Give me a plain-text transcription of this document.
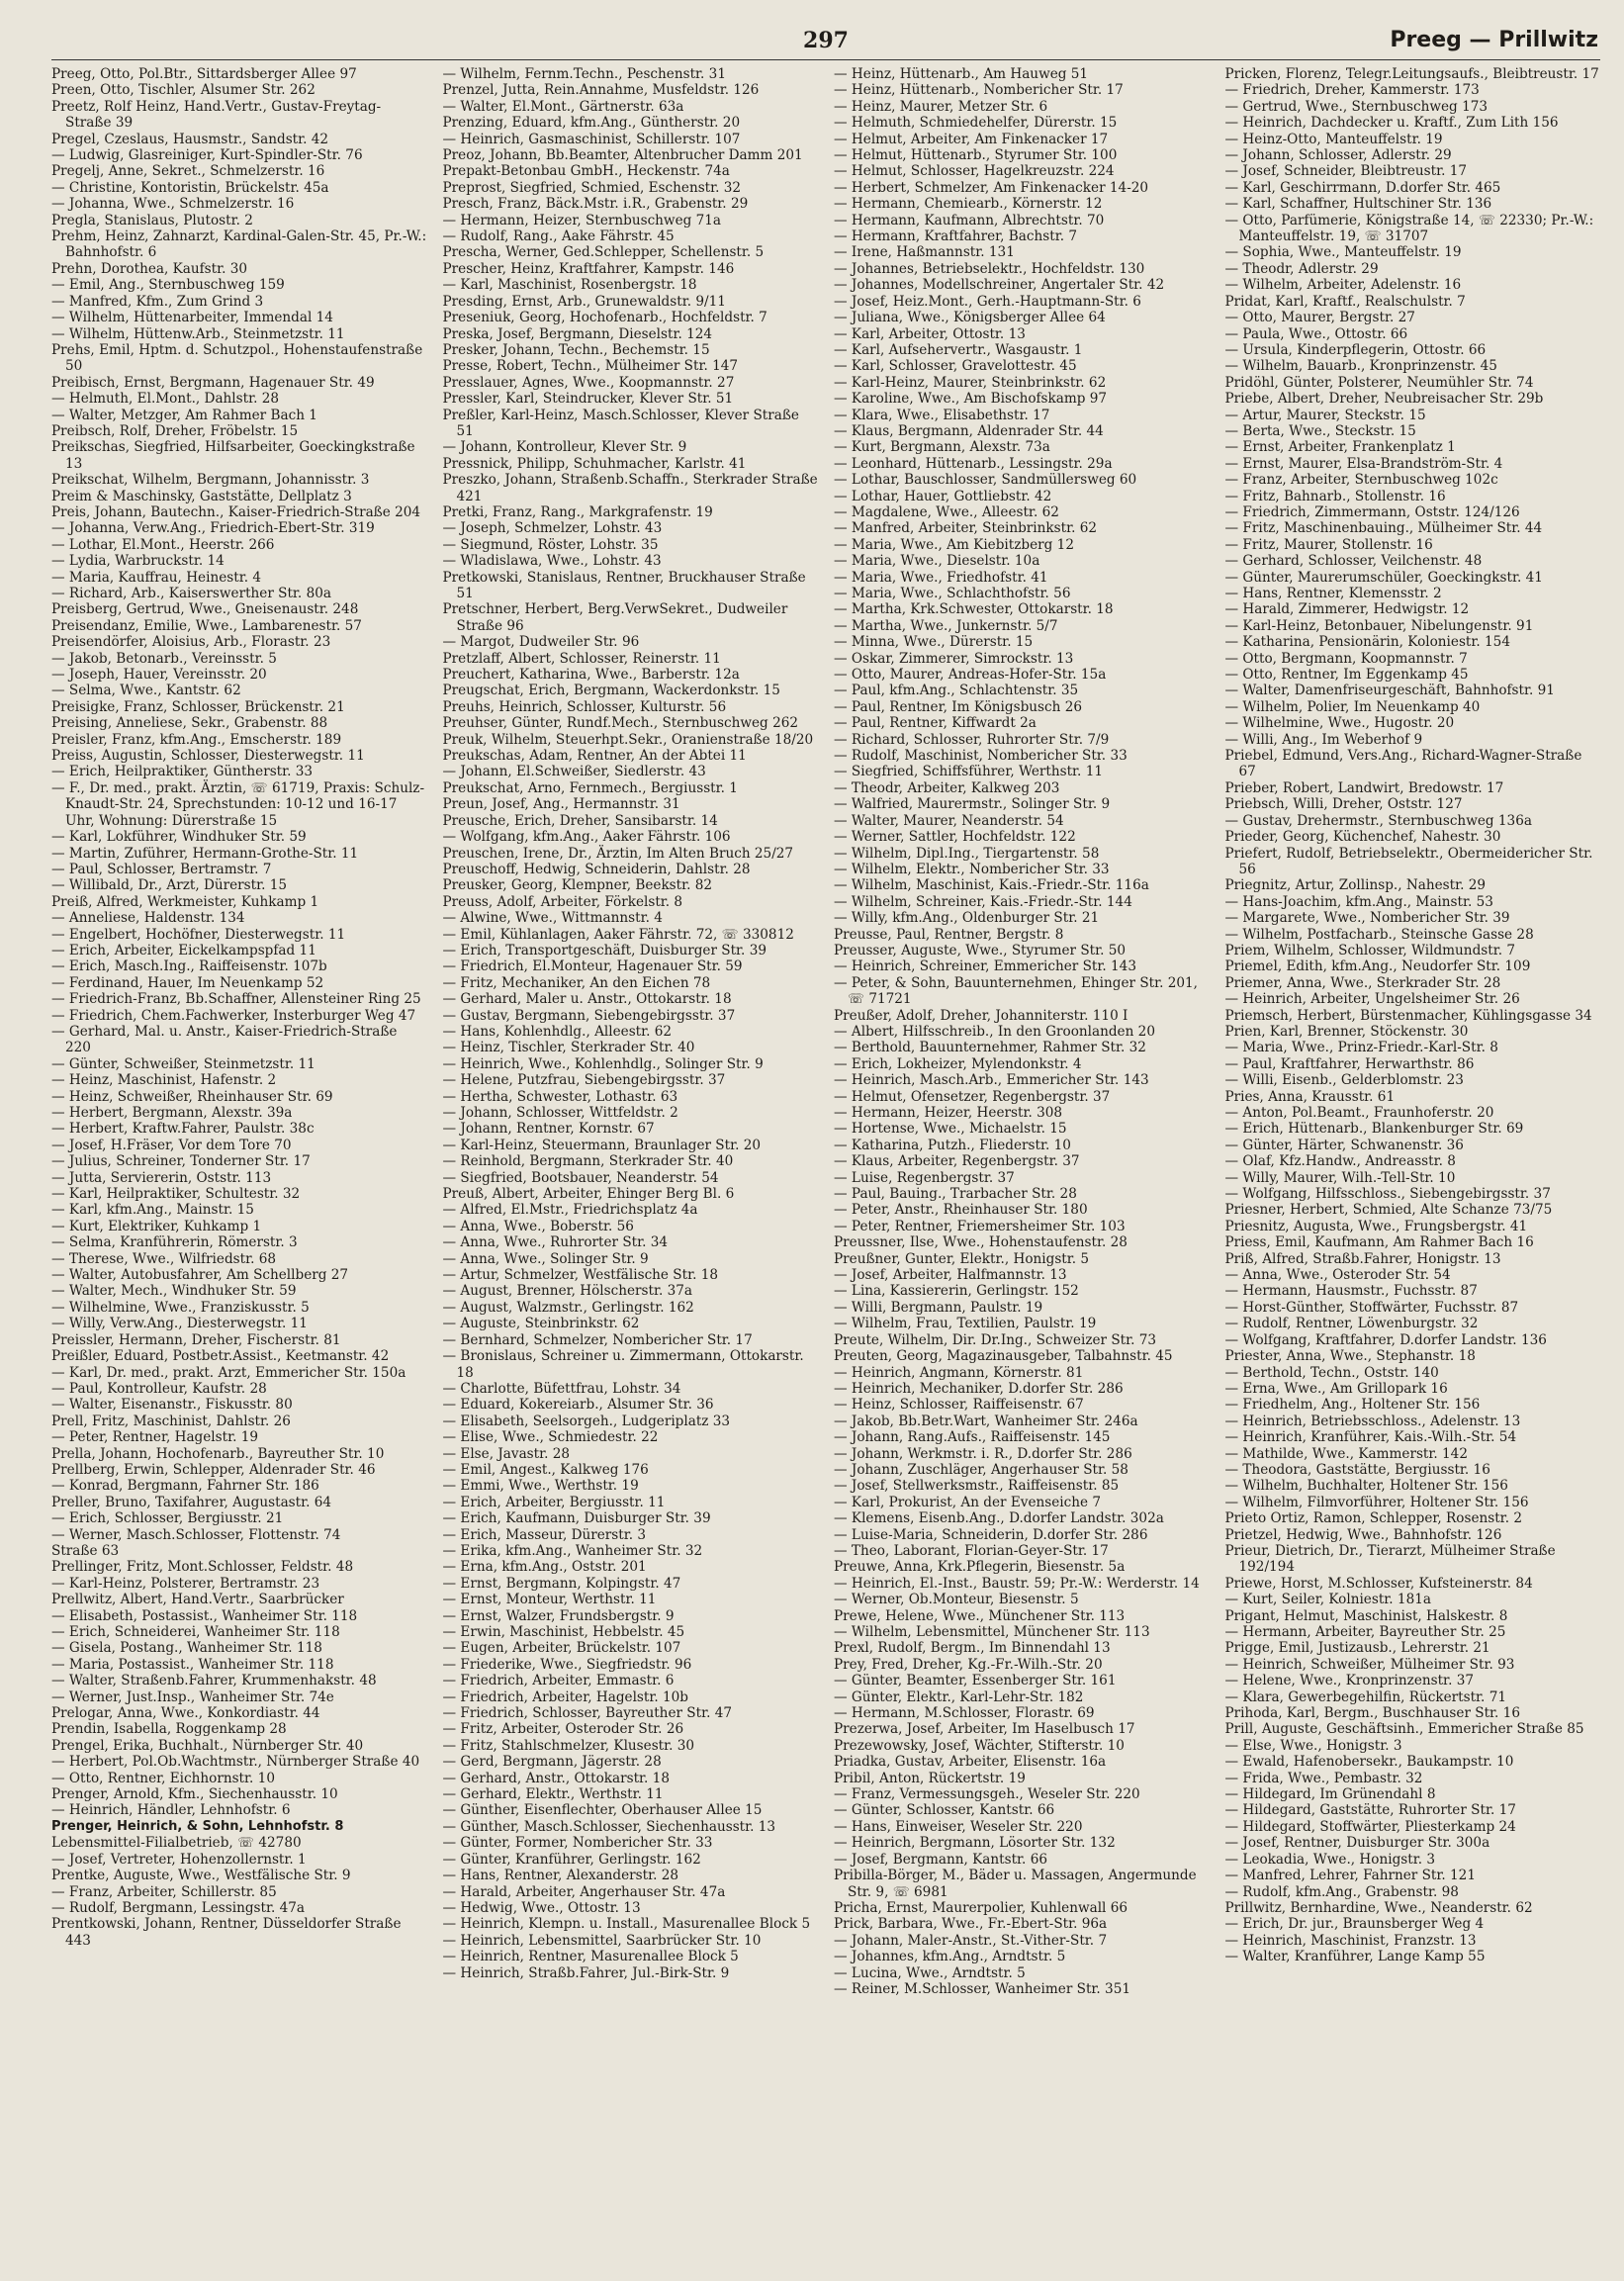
297	Preeg — Prillwitz
Preeg, Otto, Pol.Btr., Sittardsberger Allee 97
Preen, Otto, Tischler, Alsumer Str. 262
Preetz, Rolf Heinz, Hand.Vertr., Gustav-Freytag-Straße 39
Pregel, Czeslaus, Hausmstr., Sandstr. 42
— Ludwig, Glasreiniger, Kurt-Spindler-Str. 76
Pregelj, Anne, Sekret., Schmelzerstr. 16
— Christine, Kontoristin, Brückelstr. 45a
— Johanna, Wwe., Schmelzerstr. 16
Pregla, Stanislaus, Plutostr. 2
Prehm, Heinz, Zahnarzt, Kardinal-Galen-Str. 45, Pr.-W.: Bahnhofstr. 6
Prehn, Dorothea, Kaufstr. 30
— Emil, Ang., Sternbuschweg 159
— Manfred, Kfm., Zum Grind 3
— Wilhelm, Hüttenarbeiter, Immendal 14
— Wilhelm, Hüttenw.Arb., Steinmetzstr. 11
Prehs, Emil, Hptm. d. Schutzpol., Hohenstaufenstraße 50
Preibisch, Ernst, Bergmann, Hagenauer Str. 49
— Helmuth, El.Mont., Dahlstr. 28
— Walter, Metzger, Am Rahmer Bach 1
Preibsch, Rolf, Dreher, Fröbelstr. 15
Preikschas, Siegfried, Hilfsarbeiter, Goeckingkstraße 13
Preikschat, Wilhelm, Bergmann, Johannisstr. 3
Preim & Maschinsky, Gaststätte, Dellplatz 3
Preis, Johann, Bautechn., Kaiser-Friedrich-Straße 204
— Johanna, Verw.Ang., Friedrich-Ebert-Str. 319
— Lothar, El.Mont., Heerstr. 266
— Lydia, Warbruckstr. 14
— Maria, Kauffrau, Heinestr. 4
— Richard, Arb., Kaiserswerther Str. 80a
Preisberg, Gertrud, Wwe., Gneisenaustr. 248
Preisendanz, Emilie, Wwe., Lambarenestr. 57
Preisendörfer, Aloisius, Arb., Florastr. 23
— Jakob, Betonarb., Vereinsstr. 5
— Joseph, Hauer, Vereinsstr. 20
— Selma, Wwe., Kantstr. 62
Preisigke, Franz, Schlosser, Brückenstr. 21
Preising, Anneliese, Sekr., Grabenstr. 88
Preisler, Franz, kfm.Ang., Emscherstr. 189
Preiss, Augustin, Schlosser, Diesterwegstr. 11
— Erich, Heilpraktiker, Güntherstr. 33
— F., Dr. med., prakt. Ärztin, ☏ 61719, Praxis: Schulz-Knaudt-Str. 24, Sprechstunden: 10-12 und 16-17 Uhr, Wohnung: Dürerstraße 15
— Karl, Lokführer, Windhuker Str. 59
— Martin, Zuführer, Hermann-Grothe-Str. 11
— Paul, Schlosser, Bertramstr. 7
— Willibald, Dr., Arzt, Dürerstr. 15
Preiß, Alfred, Werkmeister, Kuhkamp 1
— Anneliese, Haldenstr. 134
— Engelbert, Hochöfner, Diesterwegstr. 11
— Erich, Arbeiter, Eickelkampspfad 11
— Erich, Masch.Ing., Raiffeisenstr. 107b
— Ferdinand, Hauer, Im Neuenkamp 52
— Friedrich-Franz, Bb.Schaffner, Allensteiner Ring 25
— Friedrich, Chem.Fachwerker, Insterburger Weg 47
— Gerhard, Mal. u. Anstr., Kaiser-Friedrich-Straße 220
— Günter, Schweißer, Steinmetzstr. 11
— Heinz, Maschinist, Hafenstr. 2
— Heinz, Schweißer, Rheinhauser Str. 69
— Herbert, Bergmann, Alexstr. 39a
— Herbert, Kraftw.Fahrer, Paulstr. 38c
— Josef, H.Fräser, Vor dem Tore 70
— Julius, Schreiner, Tonderner Str. 17
— Jutta, Serviererin, Oststr. 113
— Karl, Heilpraktiker, Schultestr. 32
— Karl, kfm.Ang., Mainstr. 15
— Kurt, Elektriker, Kuhkamp 1
— Selma, Kranführerin, Römerstr. 3
— Therese, Wwe., Wilfriedstr. 68
— Walter, Autobusfahrer, Am Schellberg 27
— Walter, Mech., Windhuker Str. 59
— Wilhelmine, Wwe., Franziskusstr. 5
— Willy, Verw.Ang., Diesterwegstr. 11
Preissler, Hermann, Dreher, Fischerstr. 81
Preißler, Eduard, Postbetr.Assist., Keetmanstr. 42
— Karl, Dr. med., prakt. Arzt, Emmericher Str. 150a
— Paul, Kontrolleur, Kaufstr. 28
— Walter, Eisenanstr., Fiskusstr. 80
Prell, Fritz, Maschinist, Dahlstr. 26
— Peter, Rentner, Hagelstr. 19
Prella, Johann, Hochofenarb., Bayreuther Str. 10
Prellberg, Erwin, Schlepper, Aldenrader Str. 46
— Konrad, Bergmann, Fahrner Str. 186
Preller, Bruno, Taxifahrer, Augustastr. 64
— Erich, Schlosser, Bergiusstr. 21
— Werner, Masch.Schlosser, Flottenstr. 74
Straße 63
Prellinger, Fritz, Mont.Schlosser, Feldstr. 48
— Karl-Heinz, Polsterer, Bertramstr. 23
Prellwitz, Albert, Hand.Vertr., Saarbrücker
— Elisabeth, Postassist., Wanheimer Str. 118
— Erich, Schneiderei, Wanheimer Str. 118
— Gisela, Postang., Wanheimer Str. 118
— Maria, Postassist., Wanheimer Str. 118
— Walter, Straßenb.Fahrer, Krummenhakstr. 48
— Werner, Just.Insp., Wanheimer Str. 74e
Prelogar, Anna, Wwe., Konkordiastr. 44
Prendin, Isabella, Roggenkamp 28
Prengel, Erika, Buchhalt., Nürnberger Str. 40
— Herbert, Pol.Ob.Wachtmstr., Nürnberger Straße 40
— Otto, Rentner, Eichhornstr. 10
Prenger, Arnold, Kfm., Siechenhausstr. 10
— Heinrich, Händler, Lehnhofstr. 6
Prenger, Heinrich, & Sohn, Lehnhofstr. 8
Lebensmittel-Filialbetrieb, ☏ 42780
— Josef, Vertreter, Hohenzollernstr. 1
Prentke, Auguste, Wwe., Westfälische Str. 9
— Franz, Arbeiter, Schillerstr. 85
— Rudolf, Bergmann, Lessingstr. 47a
Prentkowski, Johann, Rentner, Düsseldorfer Straße 443
— Wilhelm, Fernm.Techn., Peschenstr. 31
Prenzel, Jutta, Rein.Annahme, Musfeldstr. 126
— Walter, El.Mont., Gärtnerstr. 63a
Prenzing, Eduard, kfm.Ang., Güntherstr. 20
— Heinrich, Gasmaschinist, Schillerstr. 107
Preoz, Johann, Bb.Beamter, Altenbrucher Damm 201
Prepakt-Betonbau GmbH., Heckenstr. 74a
Preprost, Siegfried, Schmied, Eschenstr. 32
Presch, Franz, Bäck.Mstr. i.R., Grabenstr. 29
— Hermann, Heizer, Sternbuschweg 71a
— Rudolf, Rang., Aake Fährstr. 45
Prescha, Werner, Ged.Schlepper, Schellenstr. 5
Prescher, Heinz, Kraftfahrer, Kampstr. 146
— Karl, Maschinist, Rosenbergstr. 18
Presding, Ernst, Arb., Grunewaldstr. 9/11
Preseniuk, Georg, Hochofenarb., Hochfeldstr. 7
Preska, Josef, Bergmann, Dieselstr. 124
Presker, Johann, Techn., Bechemstr. 15
Presse, Robert, Techn., Mülheimer Str. 147
Presslauer, Agnes, Wwe., Koopmannstr. 27
Pressler, Karl, Steindrucker, Klever Str. 51
Preßler, Karl-Heinz, Masch.Schlosser, Klever Straße 51
— Johann, Kontrolleur, Klever Str. 9
Pressnick, Philipp, Schuhmacher, Karlstr. 41
Preszko, Johann, Straßenb.Schaffn., Sterkrader Straße 421
Pretki, Franz, Rang., Markgrafenstr. 19
— Joseph, Schmelzer, Lohstr. 43
— Siegmund, Röster, Lohstr. 35
— Wladislawa, Wwe., Lohstr. 43
Pretkowski, Stanislaus, Rentner, Bruckhauser Straße 51
Pretschner, Herbert, Berg.VerwSekret., Dudweiler Straße 96
— Margot, Dudweiler Str. 96
Pretzlaff, Albert, Schlosser, Reinerstr. 11
Preuchert, Katharina, Wwe., Barberstr. 12a
Preugschat, Erich, Bergmann, Wackerdonkstr. 15
Preuhs, Heinrich, Schlosser, Kulturstr. 56
Preuhser, Günter, Rundf.Mech., Sternbuschweg 262
Preuk, Wilhelm, Steuerhpt.Sekr., Oranienstraße 18/20
Preukschas, Adam, Rentner, An der Abtei 11
— Johann, El.Schweißer, Siedlerstr. 43
Preukschat, Arno, Fernmech., Bergiusstr. 1
Preun, Josef, Ang., Hermannstr. 31
Preusche, Erich, Dreher, Sansibarstr. 14
— Wolfgang, kfm.Ang., Aaker Fährstr. 106
Preuschen, Irene, Dr., Ärztin, Im Alten Bruch 25/27
Preuschoff, Hedwig, Schneiderin, Dahlstr. 28
Preusker, Georg, Klempner, Beekstr. 82
Preuss, Adolf, Arbeiter, Förkelstr. 8
— Alwine, Wwe., Wittmannstr. 4
— Emil, Kühlanlagen, Aaker Fährstr. 72, ☏ 330812
— Erich, Transportgeschäft, Duisburger Str. 39
— Friedrich, El.Monteur, Hagenauer Str. 59
— Fritz, Mechaniker, An den Eichen 78
— Gerhard, Maler u. Anstr., Ottokarstr. 18
— Gustav, Bergmann, Siebengebirgsstr. 37
— Hans, Kohlenhdlg., Alleestr. 62
— Heinz, Tischler, Sterkrader Str. 40
— Heinrich, Wwe., Kohlenhdlg., Solinger Str. 9
— Helene, Putzfrau, Siebengebirgsstr. 37
— Hertha, Schwester, Lothastr. 63
— Johann, Schlosser, Wittfeldstr. 2
— Johann, Rentner, Kornstr. 67
— Karl-Heinz, Steuermann, Braunlager Str. 20
— Reinhold, Bergmann, Sterkrader Str. 40
— Siegfried, Bootsbauer, Neanderstr. 54
Preuß, Albert, Arbeiter, Ehinger Berg Bl. 6
— Alfred, El.Mstr., Friedrichsplatz 4a
— Anna, Wwe., Boberstr. 56
— Anna, Wwe., Ruhrorter Str. 34
— Anna, Wwe., Solinger Str. 9
— Artur, Schmelzer, Westfälische Str. 18
— August, Brenner, Hölscherstr. 37a
— August, Walzmstr., Gerlingstr. 162
— Auguste, Steinbrinkstr. 62
— Bernhard, Schmelzer, Nombericher Str. 17
— Bronislaus, Schreiner u. Zimmermann, Ottokarstr. 18
— Charlotte, Büfettfrau, Lohstr. 34
— Eduard, Kokereiarb., Alsumer Str. 36
— Elisabeth, Seelsorgeh., Ludgeriplatz 33
— Elise, Wwe., Schmiedestr. 22
— Else, Javastr. 28
— Emil, Angest., Kalkweg 176
— Emmi, Wwe., Werthstr. 19
— Erich, Arbeiter, Bergiusstr. 11
— Erich, Kaufmann, Duisburger Str. 39
— Erich, Masseur, Dürerstr. 3
— Erika, kfm.Ang., Wanheimer Str. 32
— Erna, kfm.Ang., Oststr. 201
— Ernst, Bergmann, Kolpingstr. 47
— Ernst, Monteur, Werthstr. 11
— Ernst, Walzer, Frundsbergstr. 9
— Erwin, Maschinist, Hebbelstr. 45
— Eugen, Arbeiter, Brückelstr. 107
— Friederike, Wwe., Siegfriedstr. 96
— Friedrich, Arbeiter, Emmastr. 6
— Friedrich, Arbeiter, Hagelstr. 10b
— Friedrich, Schlosser, Bayreuther Str. 47
— Fritz, Arbeiter, Osteroder Str. 26
— Fritz, Stahlschmelzer, Klusestr. 30
— Gerd, Bergmann, Jägerstr. 28
— Gerhard, Anstr., Ottokarstr. 18
— Gerhard, Elektr., Werthstr. 11
— Günther, Eisenflechter, Oberhauser Allee 15
— Günther, Masch.Schlosser, Siechenhausstr. 13
— Günter, Former, Nombericher Str. 33
— Günter, Kranführer, Gerlingstr. 162
— Hans, Rentner, Alexanderstr. 28
— Harald, Arbeiter, Angerhauser Str. 47a
— Hedwig, Wwe., Ottostr. 13
— Heinrich, Klempn. u. Install., Masurenallee Block 5
— Heinrich, Lebensmittel, Saarbrücker Str. 10
— Heinrich, Rentner, Masurenallee Block 5
— Heinrich, Straßb.Fahrer, Jul.-Birk-Str. 9
— Heinz, Hüttenarb., Am Hauweg 51
— Heinz, Hüttenarb., Nombericher Str. 17
— Heinz, Maurer, Metzer Str. 6
— Helmuth, Schmiedehelfer, Dürerstr. 15
— Helmut, Arbeiter, Am Finkenacker 17
— Helmut, Hüttenarb., Styrumer Str. 100
— Helmut, Schlosser, Hagelkreuzstr. 224
— Herbert, Schmelzer, Am Finkenacker 14-20
— Hermann, Chemiearb., Körnerstr. 12
— Hermann, Kaufmann, Albrechtstr. 70
— Hermann, Kraftfahrer, Bachstr. 7
— Irene, Haßmannstr. 131
— Johannes, Betriebselektr., Hochfeldstr. 130
— Johannes, Modellschreiner, Angertaler Str. 42
— Josef, Heiz.Mont., Gerh.-Hauptmann-Str. 6
— Juliana, Wwe., Königsberger Allee 64
— Karl, Arbeiter, Ottostr. 13
— Karl, Aufsehervertr., Wasgaustr. 1
— Karl, Schlosser, Gravelottestr. 45
— Karl-Heinz, Maurer, Steinbrinkstr. 62
— Karoline, Wwe., Am Bischofskamp 97
— Klara, Wwe., Elisabethstr. 17
— Klaus, Bergmann, Aldenrader Str. 44
— Kurt, Bergmann, Alexstr. 73a
— Leonhard, Hüttenarb., Lessingstr. 29a
— Lothar, Bauschlosser, Sandmüllersweg 60
— Lothar, Hauer, Gottliebstr. 42
— Magdalene, Wwe., Alleestr. 62
— Manfred, Arbeiter, Steinbrinkstr. 62
— Maria, Wwe., Am Kiebitzberg 12
— Maria, Wwe., Dieselstr. 10a
— Maria, Wwe., Friedhofstr. 41
— Maria, Wwe., Schlachthofstr. 56
— Martha, Krk.Schwester, Ottokarstr. 18
— Martha, Wwe., Junkernstr. 5/7
— Minna, Wwe., Dürerstr. 15
— Oskar, Zimmerer, Simrockstr. 13
— Otto, Maurer, Andreas-Hofer-Str. 15a
— Paul, kfm.Ang., Schlachtenstr. 35
— Paul, Rentner, Im Königsbusch 26
— Paul, Rentner, Kiffwardt 2a
— Richard, Schlosser, Ruhrorter Str. 7/9
— Rudolf, Maschinist, Nombericher Str. 33
— Siegfried, Schiffsführer, Werthstr. 11
— Theodr, Arbeiter, Kalkweg 203
— Walfried, Maurermstr., Solinger Str. 9
— Walter, Maurer, Neanderstr. 54
— Werner, Sattler, Hochfeldstr. 122
— Wilhelm, Dipl.Ing., Tiergartenstr. 58
— Wilhelm, Elektr., Nombericher Str. 33
— Wilhelm, Maschinist, Kais.-Friedr.-Str. 116a
— Wilhelm, Schreiner, Kais.-Friedr.-Str. 144
— Willy, kfm.Ang., Oldenburger Str. 21
Preusse, Paul, Rentner, Bergstr. 8
Preusser, Auguste, Wwe., Styrumer Str. 50
— Heinrich, Schreiner, Emmericher Str. 143
— Peter, & Sohn, Bauunternehmen, Ehinger Str. 201, ☏ 71721
Preußer, Adolf, Dreher, Johanniterstr. 110 I
— Albert, Hilfsschreib., In den Groonlanden 20
— Berthold, Bauunternehmer, Rahmer Str. 32
— Erich, Lokheizer, Mylendonkstr. 4
— Heinrich, Masch.Arb., Emmericher Str. 143
— Helmut, Ofensetzer, Regenbergstr. 37
— Hermann, Heizer, Heerstr. 308
— Hortense, Wwe., Michaelstr. 15
— Katharina, Putzh., Fliederstr. 10
— Klaus, Arbeiter, Regenbergstr. 37
— Luise, Regenbergstr. 37
— Paul, Bauing., Trarbacher Str. 28
— Peter, Anstr., Rheinhauser Str. 180
— Peter, Rentner, Friemersheimer Str. 103
Preussner, Ilse, Wwe., Hohenstaufenstr. 28
Preußner, Gunter, Elektr., Honigstr. 5
— Josef, Arbeiter, Halfmannstr. 13
— Lina, Kassiererin, Gerlingstr. 152
— Willi, Bergmann, Paulstr. 19
— Wilhelm, Frau, Textilien, Paulstr. 19
Preute, Wilhelm, Dir. Dr.Ing., Schweizer Str. 73
Preuten, Georg, Magazinausgeber, Talbahnstr. 45
— Heinrich, Angmann, Körnerstr. 81
— Heinrich, Mechaniker, D.dorfer Str. 286
— Heinz, Schlosser, Raiffeisenstr. 67
— Jakob, Bb.Betr.Wart, Wanheimer Str. 246a
— Johann, Rang.Aufs., Raiffeisenstr. 145
— Johann, Werkmstr. i. R., D.dorfer Str. 286
— Johann, Zuschläger, Angerhauser Str. 58
— Josef, Stellwerksmstr., Raiffeisenstr. 85
— Karl, Prokurist, An der Evenseiche 7
— Klemens, Eisenb.Ang., D.dorfer Landstr. 302a
— Luise-Maria, Schneiderin, D.dorfer Str. 286
— Theo, Laborant, Florian-Geyer-Str. 17
Preuwe, Anna, Krk.Pflegerin, Biesenstr. 5a
— Heinrich, El.-Inst., Baustr. 59; Pr.-W.: Werderstr. 14
— Werner, Ob.Monteur, Biesenstr. 5
Prewe, Helene, Wwe., Münchener Str. 113
— Wilhelm, Lebensmittel, Münchener Str. 113
Prexl, Rudolf, Bergm., Im Binnendahl 13
Prey, Fred, Dreher, Kg.-Fr.-Wilh.-Str. 20
— Günter, Beamter, Essenberger Str. 161
— Günter, Elektr., Karl-Lehr-Str. 182
— Hermann, M.Schlosser, Florastr. 69
Prezerwa, Josef, Arbeiter, Im Haselbusch 17
Prezewowsky, Josef, Wächter, Stifterstr. 10
Priadka, Gustav, Arbeiter, Elisenstr. 16a
Pribil, Anton, Rückertstr. 19
— Franz, Vermessungsgeh., Weseler Str. 220
— Günter, Schlosser, Kantstr. 66
— Hans, Einweiser, Weseler Str. 220
— Heinrich, Bergmann, Lösorter Str. 132
— Josef, Bergmann, Kantstr. 66
Pribilla-Börger, M., Bäder u. Massagen, Angermunde Str. 9, ☏ 6981
Pricha, Ernst, Maurerpolier, Kuhlenwall 66
Prick, Barbara, Wwe., Fr.-Ebert-Str. 96a
— Johann, Maler-Anstr., St.-Vither-Str. 7
— Johannes, kfm.Ang., Arndtstr. 5
— Lucina, Wwe., Arndtstr. 5
— Reiner, M.Schlosser, Wanheimer Str. 351
Pricken, Florenz, Telegr.Leitungsaufs., Bleibtreustr. 17
— Friedrich, Dreher, Kammerstr. 173
— Gertrud, Wwe., Sternbuschweg 173
— Heinrich, Dachdecker u. Kraftf., Zum Lith 156
— Heinz-Otto, Manteuffelstr. 19
— Johann, Schlosser, Adlerstr. 29
— Josef, Schneider, Bleibtreustr. 17
— Karl, Geschirrmann, D.dorfer Str. 465
— Karl, Schaffner, Hultschiner Str. 136
— Otto, Parfümerie, Königstraße 14, ☏ 22330; Pr.-W.: Manteuffelstr. 19, ☏ 31707
— Sophia, Wwe., Manteuffelstr. 19
— Theodr, Adlerstr. 29
— Wilhelm, Arbeiter, Adelenstr. 16
Pridat, Karl, Kraftf., Realschulstr. 7
— Otto, Maurer, Bergstr. 27
— Paula, Wwe., Ottostr. 66
— Ursula, Kinderpflegerin, Ottostr. 66
— Wilhelm, Bauarb., Kronprinzenstr. 45
Pridöhl, Günter, Polsterer, Neumühler Str. 74
Priebe, Albert, Dreher, Neubreisacher Str. 29b
— Artur, Maurer, Steckstr. 15
— Berta, Wwe., Steckstr. 15
— Ernst, Arbeiter, Frankenplatz 1
— Ernst, Maurer, Elsa-Brandström-Str. 4
— Franz, Arbeiter, Sternbuschweg 102c
— Fritz, Bahnarb., Stollenstr. 16
— Friedrich, Zimmermann, Oststr. 124/126
— Fritz, Maschinenbauing., Mülheimer Str. 44
— Fritz, Maurer, Stollenstr. 16
— Gerhard, Schlosser, Veilchenstr. 48
— Günter, Maurerumschüler, Goeckingkstr. 41
— Hans, Rentner, Klemensstr. 2
— Harald, Zimmerer, Hedwigstr. 12
— Karl-Heinz, Betonbauer, Nibelungenstr. 91
— Katharina, Pensionärin, Koloniestr. 154
— Otto, Bergmann, Koopmannstr. 7
— Otto, Rentner, Im Eggenkamp 45
— Walter, Damenfriseurgeschäft, Bahnhofstr. 91
— Wilhelm, Polier, Im Neuenkamp 40
— Wilhelmine, Wwe., Hugostr. 20
— Willi, Ang., Im Weberhof 9
Priebel, Edmund, Vers.Ang., Richard-Wagner-Straße 67
Prieber, Robert, Landwirt, Bredowstr. 17
Priebsch, Willi, Dreher, Oststr. 127
— Gustav, Drehermstr., Sternbuschweg 136a
Prieder, Georg, Küchenchef, Nahestr. 30
Priefert, Rudolf, Betriebselektr., Obermeidericher Str. 56
Priegnitz, Artur, Zollinsp., Nahestr. 29
— Hans-Joachim, kfm.Ang., Mainstr. 53
— Margarete, Wwe., Nombericher Str. 39
— Wilhelm, Postfacharb., Steinsche Gasse 28
Priem, Wilhelm, Schlosser, Wildmundstr. 7
Priemel, Edith, kfm.Ang., Neudorfer Str. 109
Priemer, Anna, Wwe., Sterkrader Str. 28
— Heinrich, Arbeiter, Ungelsheimer Str. 26
Priemsch, Herbert, Bürstenmacher, Kühlingsgasse 34
Prien, Karl, Brenner, Stöckenstr. 30
— Maria, Wwe., Prinz-Friedr.-Karl-Str. 8
— Paul, Kraftfahrer, Herwarthstr. 86
— Willi, Eisenb., Gelderblomstr. 23
Pries, Anna, Krausstr. 61
— Anton, Pol.Beamt., Fraunhoferstr. 20
— Erich, Hüttenarb., Blankenburger Str. 69
— Günter, Härter, Schwanenstr. 36
— Olaf, Kfz.Handw., Andreasstr. 8
— Willy, Maurer, Wilh.-Tell-Str. 10
— Wolfgang, Hilfsschloss., Siebengebirgsstr. 37
Priesner, Herbert, Schmied, Alte Schanze 73/75
Priesnitz, Augusta, Wwe., Frungsbergstr. 41
Priess, Emil, Kaufmann, Am Rahmer Bach 16
Priß, Alfred, Straßb.Fahrer, Honigstr. 13
— Anna, Wwe., Osteroder Str. 54
— Hermann, Hausmstr., Fuchsstr. 87
— Horst-Günther, Stoffwärter, Fuchsstr. 87
— Rudolf, Rentner, Löwenburgstr. 32
— Wolfgang, Kraftfahrer, D.dorfer Landstr. 136
Priester, Anna, Wwe., Stephanstr. 18
— Berthold, Techn., Oststr. 140
— Erna, Wwe., Am Grillopark 16
— Friedhelm, Ang., Holtener Str. 156
— Heinrich, Betriebsschloss., Adelenstr. 13
— Heinrich, Kranführer, Kais.-Wilh.-Str. 54
— Mathilde, Wwe., Kammerstr. 142
— Theodora, Gaststätte, Bergiusstr. 16
— Wilhelm, Buchhalter, Holtener Str. 156
— Wilhelm, Filmvorführer, Holtener Str. 156
Prieto Ortiz, Ramon, Schlepper, Rosenstr. 2
Prietzel, Hedwig, Wwe., Bahnhofstr. 126
Prieur, Dietrich, Dr., Tierarzt, Mülheimer Straße 192/194
Priewe, Horst, M.Schlosser, Kufsteinerstr. 84
— Kurt, Seiler, Kolniestr. 181a
Prigant, Helmut, Maschinist, Halskestr. 8
— Hermann, Arbeiter, Bayreuther Str. 25
Prigge, Emil, Justizausb., Lehrerstr. 21
— Heinrich, Schweißer, Mülheimer Str. 93
— Helene, Wwe., Kronprinzenstr. 37
— Klara, Gewerbegehilfin, Rückertstr. 71
Prihoda, Karl, Bergm., Buschhauser Str. 16
Prill, Auguste, Geschäftsinh., Emmericher Straße 85
— Else, Wwe., Honigstr. 3
— Ewald, Hafenobersekr., Baukampstr. 10
— Frida, Wwe., Pembastr. 32
— Hildegard, Im Grünendahl 8
— Hildegard, Gaststätte, Ruhrorter Str. 17
— Hildegard, Stoffwärter, Pliesterkamp 24
— Josef, Rentner, Duisburger Str. 300a
— Leokadia, Wwe., Honigstr. 3
— Manfred, Lehrer, Fahrner Str. 121
— Rudolf, kfm.Ang., Grabenstr. 98
Prillwitz, Bernhardine, Wwe., Neanderstr. 62
— Erich, Dr. jur., Braunsberger Weg 4
— Heinrich, Maschinist, Franzstr. 13
— Walter, Kranführer, Lange Kamp 55
